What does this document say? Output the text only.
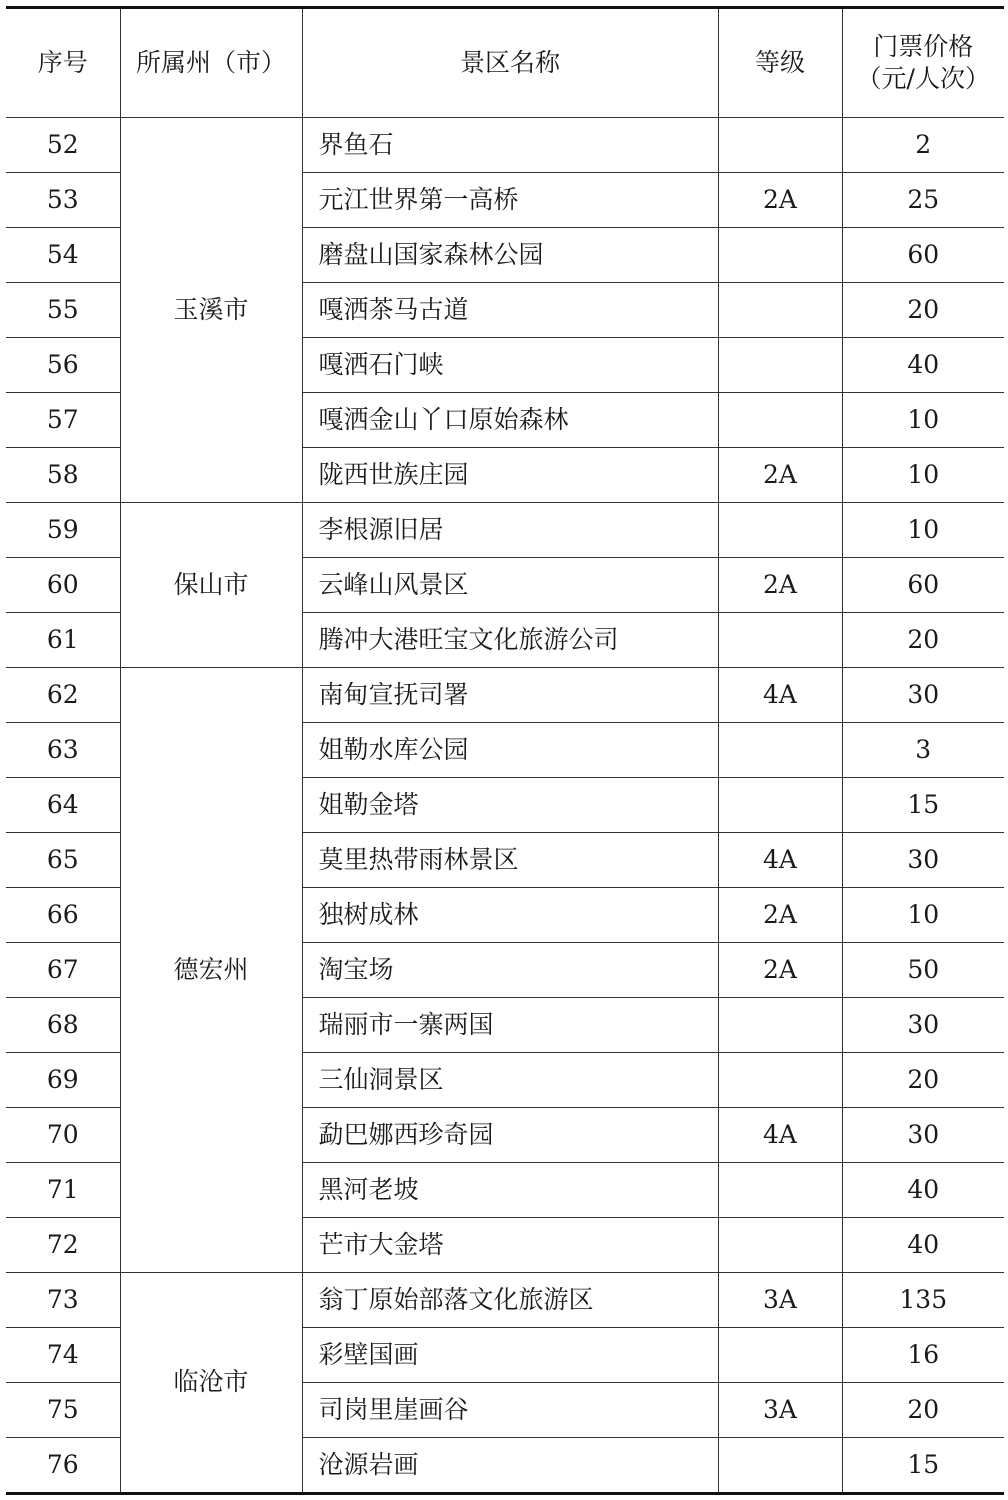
序号	所属州（市）	景区名称	等级	门票价格
（元/人次）

52	玉溪市	界鱼石		2
53		元江世界第一高桥	2A	25
54		磨盘山国家森林公园		60
55		嘎洒茶马古道		20
56		嘎洒石门峡		40
57		嘎洒金山丫口原始森林		10
58		陇西世族庄园	2A	10
59	保山市	李根源旧居		10
60		云峰山风景区	2A	60
61		腾冲大港旺宝文化旅游公司		20
62	德宏州	南甸宣抚司署	4A	30
63		姐勒水库公园		3
64		姐勒金塔		15
65		莫里热带雨林景区	4A	30
66		独树成林	2A	10
67		淘宝场	2A	50
68		瑞丽市一寨两国		30
69		三仙洞景区		20
70		勐巴娜西珍奇园	4A	30
71		黑河老坡		40
72		芒市大金塔		40
73	临沧市	翁丁原始部落文化旅游区	3A	135
74		彩壁国画		16
75		司岗里崖画谷	3A	20
76		沧源岩画		15
